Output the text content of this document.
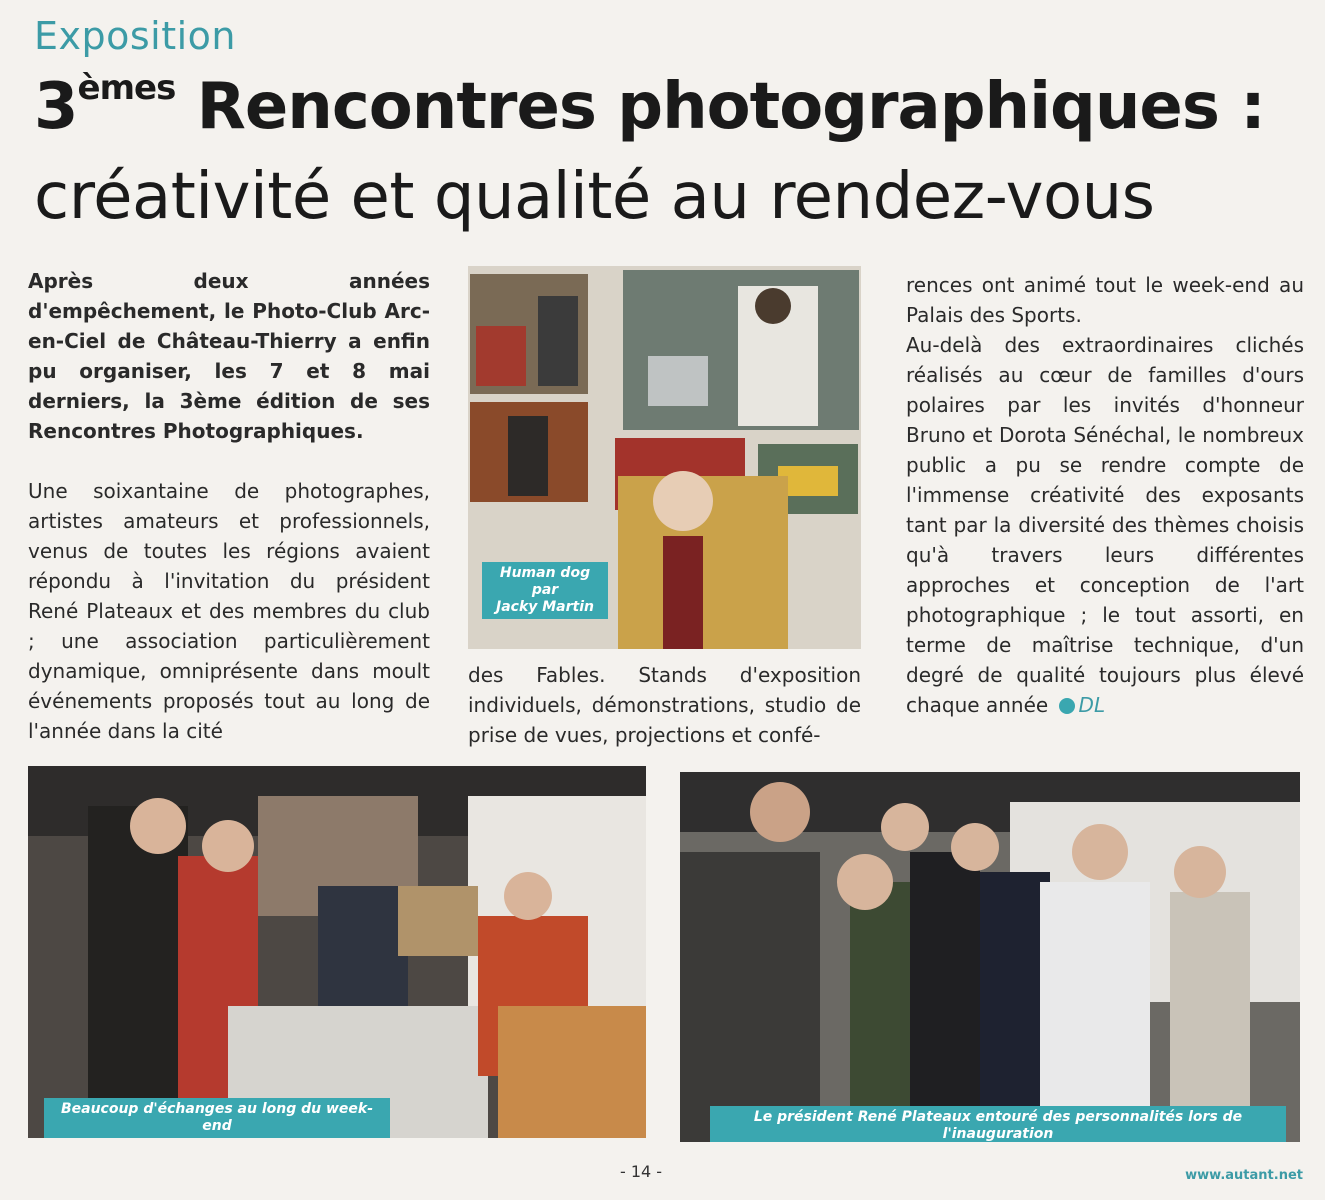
Exposition
3èmes Rencontres photographiques :
créativité et qualité au rendez-vous

Après deux années d'empêchement, le Photo-Club Arc-en-Ciel de Château-Thierry a enfin pu organiser, les 7 et 8 mai derniers, la 3ème édition de ses Rencontres Photographiques.

Une soixantaine de photographes, artistes amateurs et professionnels, venus de toutes les régions avaient répondu à l'invitation du président René Plateaux et des membres du club ; une association particulièrement dynamique, omniprésente dans moult événements proposés tout au long de l'année dans la cité

Human dog
par
Jacky Martin

des Fables. Stands d'exposition individuels, démonstrations, studio de prise de vues, projections et confé-

rences ont animé tout le week-end au Palais des Sports.

Au-delà des extraordinaires clichés réalisés au cœur de familles d'ours polaires par les invités d'honneur Bruno et Dorota Sénéchal, le nombreux public a pu se rendre compte de l'immense créativité des exposants tant par la diversité des thèmes choisis qu'à travers leurs différentes approches et conception de l'art photographique ; le tout assorti, en terme de maîtrise technique, d'un degré de qualité toujours plus élevé chaque année DL

Beaucoup d'échanges au long du week-end
Le président René Plateaux entouré des personnalités lors de l'inauguration
- 14 -	www.autant.net
